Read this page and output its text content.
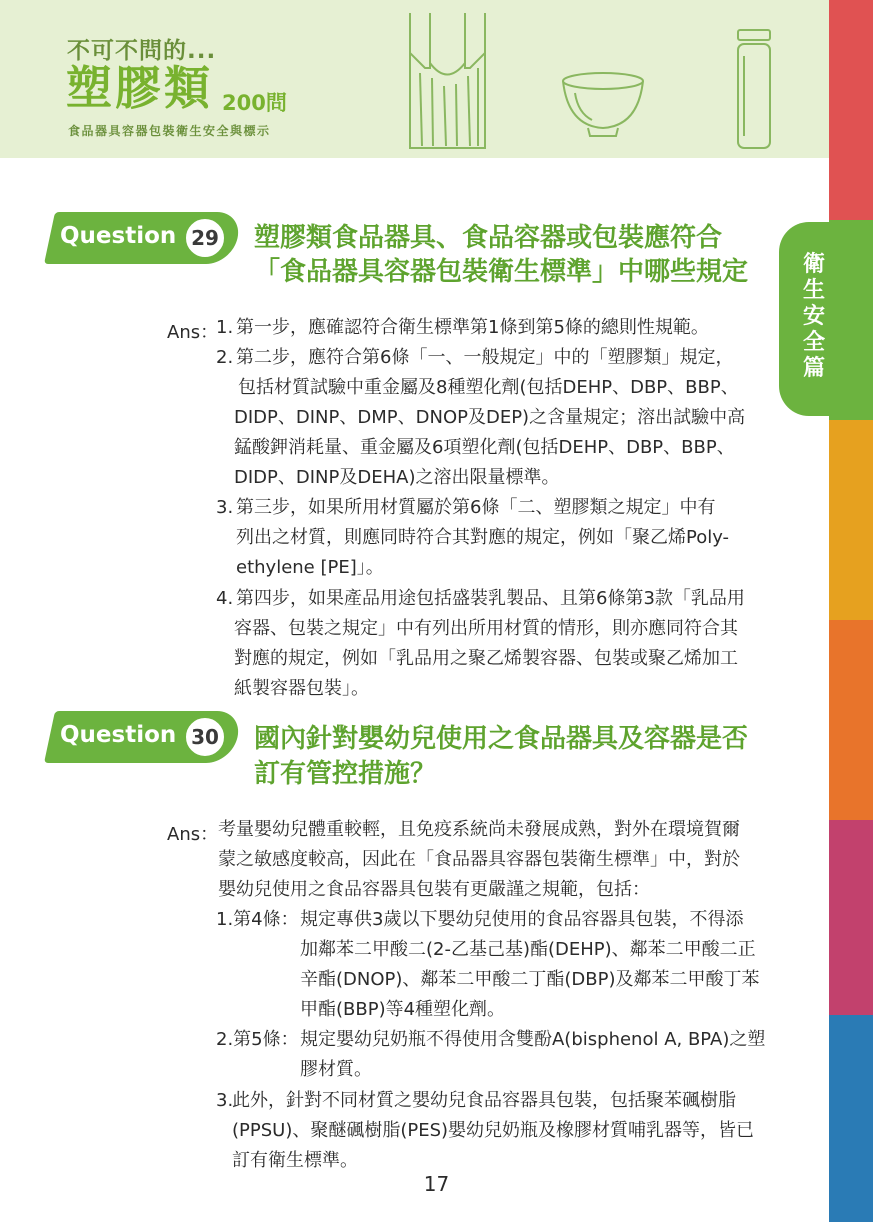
不可不問的...
塑膠類 200問
食品器具容器包裝衛生安全與標示
衛生安全篇
Question 29 塑膠類食品器具、食品容器或包裝應符合
「食品器具容器包裝衛生標準」中哪些規定
Ans：
1. 第一步，應確認符合衛生標準第1條到第5條的總則性規範。
2. 第二步，應符合第6條「一、一般規定」中的「塑膠類」規定，
包括材質試驗中重金屬及8種塑化劑(包括DEHP、DBP、BBP、
DIDP、DINP、DMP、DNOP及DEP)之含量規定；溶出試驗中高
錳酸鉀消耗量、重金屬及6項塑化劑(包括DEHP、DBP、BBP、
DIDP、DINP及DEHA)之溶出限量標準。
3. 第三步，如果所用材質屬於第6條「二、塑膠類之規定」中有
列出之材質，則應同時符合其對應的規定，例如「聚乙烯Poly-
ethylene [PE]」。
4. 第四步，如果產品用途包括盛裝乳製品、且第6條第3款「乳品用
容器、包裝之規定」中有列出所用材質的情形，則亦應同符合其
對應的規定，例如「乳品用之聚乙烯製容器、包裝或聚乙烯加工
紙製容器包裝」。
Question 30 國內針對嬰幼兒使用之食品器具及容器是否
訂有管控措施？
Ans： 考量嬰幼兒體重較輕，且免疫系統尚未發展成熟，對外在環境賀爾
蒙之敏感度較高，因此在「食品器具容器包裝衛生標準」中，對於
嬰幼兒使用之食品容器具包裝有更嚴謹之規範，包括：
1.第4條： 規定專供3歲以下嬰幼兒使用的食品容器具包裝，不得添
加鄰苯二甲酸二(2-乙基己基)酯(DEHP)、鄰苯二甲酸二正
辛酯(DNOP)、鄰苯二甲酸二丁酯(DBP)及鄰苯二甲酸丁苯
甲酯(BBP)等4種塑化劑。
2.第5條： 規定嬰幼兒奶瓶不得使用含雙酚A(bisphenol A, BPA)之塑
膠材質。
3.
此外，針對不同材質之嬰幼兒食品容器具包裝，包括聚苯碸樹脂
(PPSU)、聚醚碸樹脂(PES)嬰幼兒奶瓶及橡膠材質哺乳器等，皆已
訂有衛生標準。
17
